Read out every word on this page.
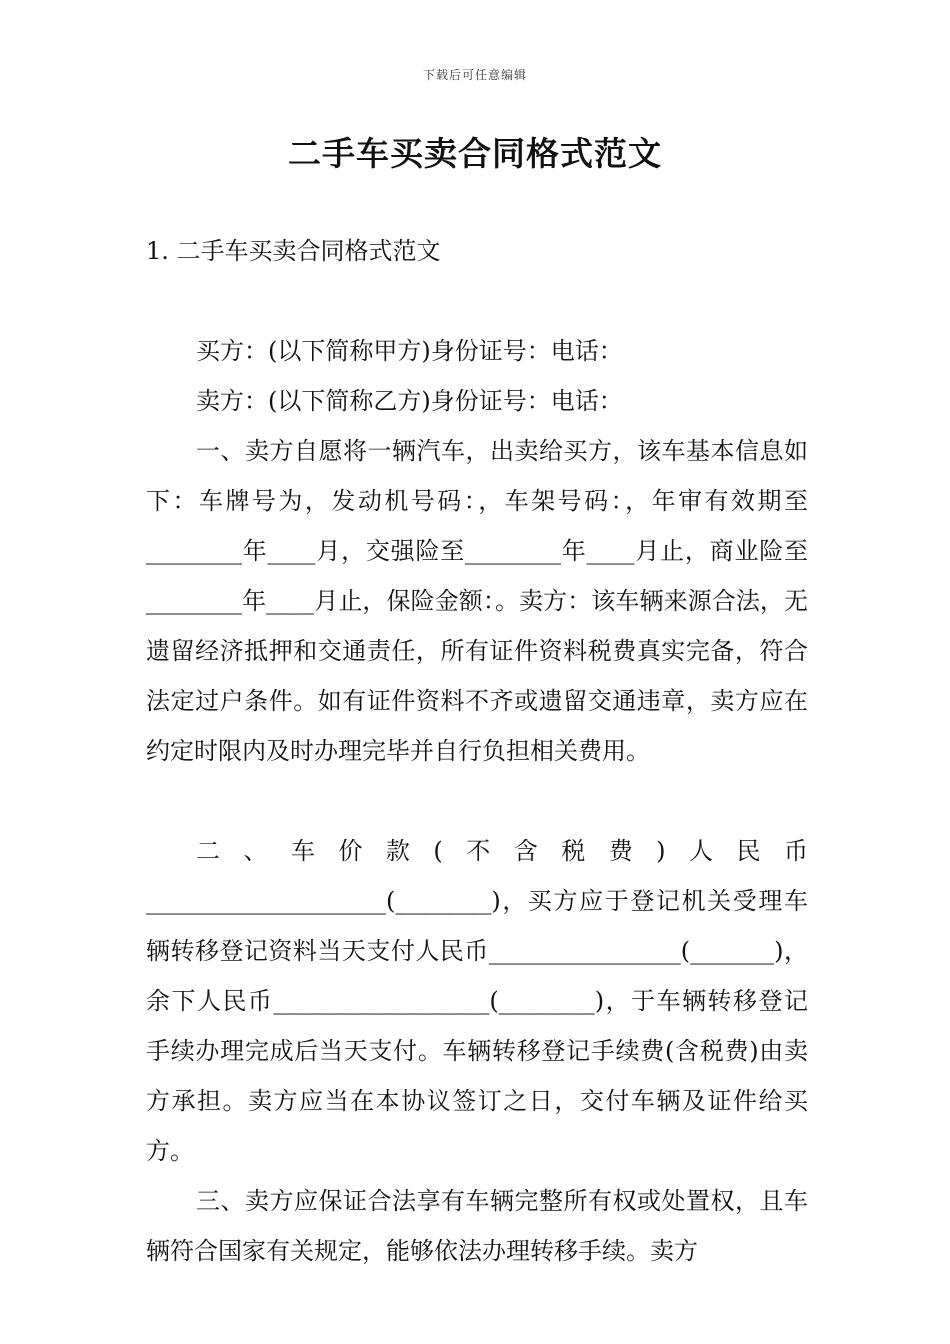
下载后可任意编辑
二手车买卖合同格式范文
1. 二手车买卖合同格式范文

买方：(以下简称甲方)身份证号：电话：

卖方：(以下简称乙方)身份证号：电话：

一、卖方自愿将一辆汽车，出卖给买方，该车基本信息如下：车牌号为，发动机号码：，车架号码：，年审有效期至________年____月，交强险至________年____月止，商业险至________年____月止，保险金额：。卖方：该车辆来源合法，无遗留经济抵押和交通责任，所有证件资料税费真实完备，符合法定过户条件。如有证件资料不齐或遗留交通违章，卖方应在约定时限内及时办理完毕并自行负担相关费用。

二、车价款(不含税费)人民币____________________(________)，买方应于登记机关受理车辆转移登记资料当天支付人民币________________(_______)，余下人民币__________________(________)，于车辆转移登记手续办理完成后当天支付。车辆转移登记手续费(含税费)由卖方承担。卖方应当在本协议签订之日，交付车辆及证件给买方。

三、卖方应保证合法享有车辆完整所有权或处置权，且车辆符合国家有关规定，能够依法办理转移手续。卖方
